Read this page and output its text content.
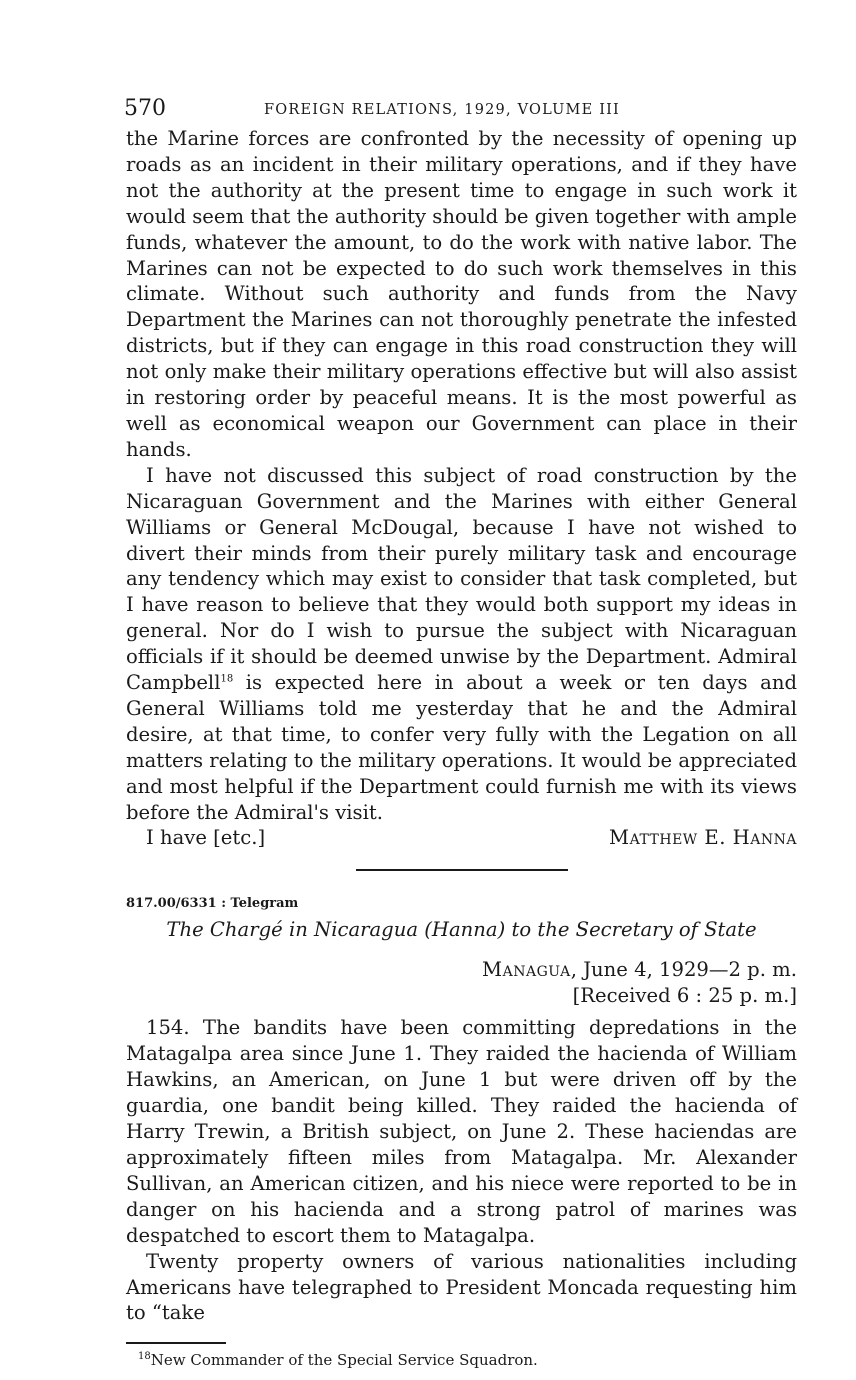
570	FOREIGN RELATIONS, 1929, VOLUME III

the Marine forces are confronted by the necessity of opening up roads as an incident in their military operations, and if they have not the authority at the present time to engage in such work it would seem that the authority should be given together with ample funds, whatever the amount, to do the work with native labor. The Marines can not be expected to do such work themselves in this climate. Without such authority and funds from the Navy Department the Marines can not thoroughly penetrate the infested districts, but if they can engage in this road construction they will not only make their military operations effective but will also assist in restoring order by peaceful means. It is the most powerful as well as economical weapon our Government can place in their hands.

I have not discussed this subject of road construction by the Nicaraguan Government and the Marines with either General Williams or General McDougal, because I have not wished to divert their minds from their purely military task and encourage any tendency which may exist to consider that task completed, but I have reason to believe that they would both support my ideas in general. Nor do I wish to pursue the subject with Nicaraguan officials if it should be deemed unwise by the Department. Admiral Campbell$^{18}$ is expected here in about a week or ten days and General Williams told me yesterday that he and the Admiral desire, at that time, to confer very fully with the Legation on all matters relating to the military operations. It would be appreciated and most helpful if the Department could furnish me with its views before the Admiral's visit.

I have [etc.]	Matthew E. Hanna
817.00/6331 : Telegram
The Chargé in Nicaragua (Hanna) to the Secretary of State
Managua, June 4, 1929—2 p. m.
[Received 6 : 25 p. m.]

154. The bandits have been committing depredations in the Matagalpa area since June 1. They raided the hacienda of William Hawkins, an American, on June 1 but were driven off by the guardia, one bandit being killed. They raided the hacienda of Harry Trewin, a British subject, on June 2. These haciendas are approximately fifteen miles from Matagalpa. Mr. Alexander Sullivan, an American citizen, and his niece were reported to be in danger on his hacienda and a strong patrol of marines was despatched to escort them to Matagalpa.

Twenty property owners of various nationalities including Americans have telegraphed to President Moncada requesting him to “take

$^{18}$New Commander of the Special Service Squadron.
